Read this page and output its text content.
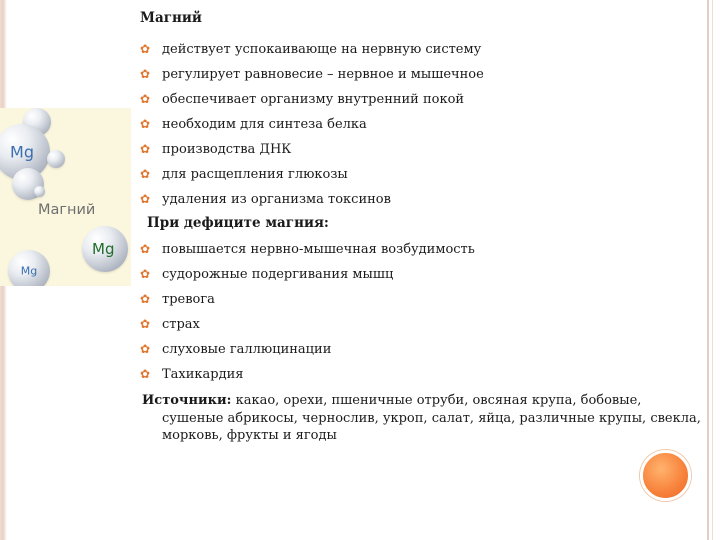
Mg
Магний
Mg
Mg
Магний
✿ действует успокаивающе на нервную систему
✿ регулирует равновесие – нервное и мышечное
✿ обеспечивает организму внутренний покой
✿ необходим для синтеза белка
✿ производства ДНК
✿ для расщепления глюкозы
✿ удаления из организма токсинов
При дефиците магния:
✿ повышается нервно-мышечная возбудимость
✿ судорожные подергивания мышц
✿ тревога
✿ страх
✿ слуховые галлюцинации
✿ Тахикардия
Источники: какао, орехи, пшеничные отруби, овсяная крупа, бобовые, сушеные абрикосы, чернослив, укроп, салат, яйца, различные крупы, свекла, морковь, фрукты и ягоды
